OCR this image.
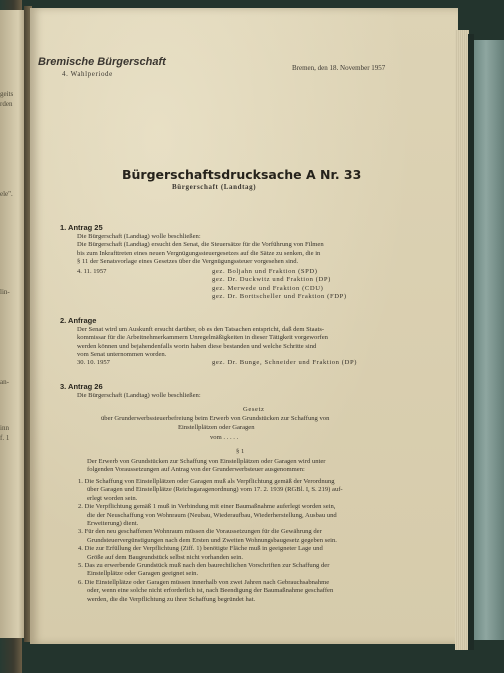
geits
rden
ele".
lin-
an-
inn
f. 1
Bremische Bürgerschaft
4. Wahlperiode
Bremen, den 18. November 1957
Bürgerschaftsdrucksache A Nr. 33
Bürgerschaft (Landtag)
1. Antrag 25
Die Bürgerschaft (Landtag) wolle beschließen:
Die Bürgerschaft (Landtag) ersucht den Senat, die Steuersätze für die Vorführung von Filmen
bis zum Inkrafttreten eines neuen Vergnügungssteuergesetzes auf die Sätze zu senken, die in
§ 11 der Senatsvorlage eines Gesetzes über die Vergnügungssteuer vorgesehen sind.
4. 11. 1957	gez. Boljahn und Fraktion (SPD)
gez. Dr. Duckwitz und Fraktion (DP)
gez. Merwede und Fraktion (CDU)
gez. Dr. Borttscheller und Fraktion (FDP)
2. Anfrage
Der Senat wird um Auskunft ersucht darüber, ob es den Tatsachen entspricht, daß dem Staats-
kommissar für die Arbeitnehmerkammern Unregelmäßigkeiten in dieser Tätigkeit vorgeworfen
werden können und bejahendenfalls worin haben diese bestanden und welche Schritte sind
vom Senat unternommen worden.
30. 10. 1957	gez. Dr. Bunge, Schneider und Fraktion (DP)
3. Antrag 26
Die Bürgerschaft (Landtag) wolle beschließen:
Gesetz
über Grunderwerbssteuerbefreiung beim Erwerb von Grundstücken zur Schaffung von
Einstellplätzen oder Garagen
vom . . . . .
§ 1
Der Erwerb von Grundstücken zur Schaffung von Einstellplätzen oder Garagen wird unter
folgenden Voraussetzungen auf Antrag von der Grunderwerbsteuer ausgenommen:
1. Die Schaffung von Einstellplätzen oder Garagen muß als Verpflichtung gemäß der Verordnung
über Garagen und Einstellplätze (Reichsgaragenordnung) vom 17. 2. 1939 (RGBl. I, S. 219) auf-
erlegt worden sein.
2. Die Verpflichtung gemäß 1 muß in Verbindung mit einer Baumaßnahme auferlegt worden sein,
die der Neuschaffung von Wohnraum (Neubau, Wiederaufbau, Wiederherstellung, Ausbau und
Erweiterung) dient.
3. Für den neu geschaffenen Wohnraum müssen die Voraussetzungen für die Gewährung der
Grundsteuervergünstigungen nach dem Ersten und Zweiten Wohnungsbaugesetz gegeben sein.
4. Die zur Erfüllung der Verpflichtung (Ziff. 1) benötigte Fläche muß in geeigneter Lage und
Größe auf dem Baugrundstück selbst nicht vorhanden sein.
5. Das zu erwerbende Grundstück muß nach den baurechtlichen Vorschriften zur Schaffung der
Einstellplätze oder Garagen geeignet sein.
6. Die Einstellplätze oder Garagen müssen innerhalb von zwei Jahren nach Gebrauchsabnahme
oder, wenn eine solche nicht erforderlich ist, nach Beendigung der Baumaßnahme geschaffen
werden, die die Verpflichtung zu ihrer Schaffung begründet hat.
